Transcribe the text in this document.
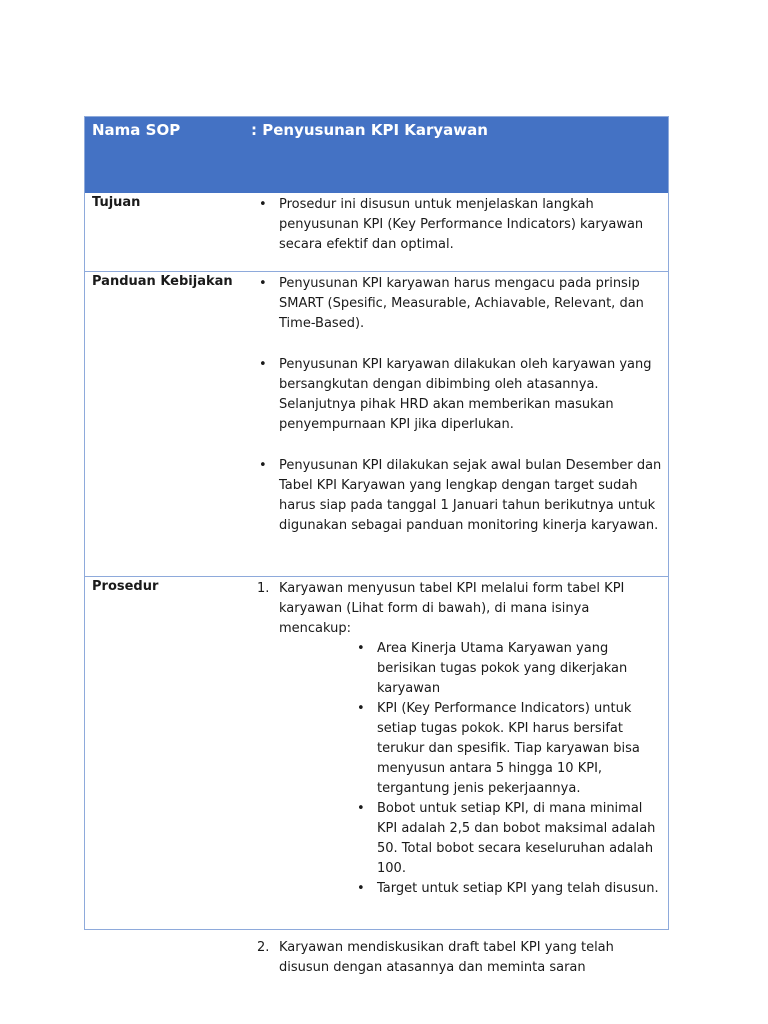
Nama SOP	: Penyusunan KPI Karyawan
Tujuan	• Prosedur ini disusun untuk menjelaskan langkah penyusunan KPI (Key Performance Indicators) karyawan secara efektif dan optimal.
Panduan Kebijakan	• Penyusunan KPI karyawan harus mengacu pada prinsip SMART (Spesific, Measurable, Achiavable, Relevant, dan Time-Based).
• Penyusunan KPI karyawan dilakukan oleh karyawan yang bersangkutan dengan dibimbing oleh atasannya. Selanjutnya pihak HRD akan memberikan masukan penyempurnaan KPI jika diperlukan.
• Penyusunan KPI dilakukan sejak awal bulan Desember dan Tabel KPI Karyawan yang lengkap dengan target sudah harus siap pada tanggal 1 Januari tahun berikutnya untuk digunakan sebagai panduan monitoring kinerja karyawan.
Prosedur	1. Karyawan menyusun tabel KPI melalui form tabel KPI karyawan (Lihat form di bawah), di mana isinya mencakup:
• Area Kinerja Utama Karyawan yang berisikan tugas pokok yang dikerjakan karyawan
• KPI (Key Performance Indicators) untuk setiap tugas pokok. KPI harus bersifat terukur dan spesifik. Tiap karyawan bisa menyusun antara 5 hingga 10 KPI, tergantung jenis pekerjaannya.
• Bobot untuk setiap KPI, di mana minimal KPI adalah 2,5 dan bobot maksimal adalah 50. Total bobot secara keseluruhan adalah 100.
• Target untuk setiap KPI yang telah disusun.
2. Karyawan mendiskusikan draft tabel KPI yang telah disusun dengan atasannya dan meminta saran
